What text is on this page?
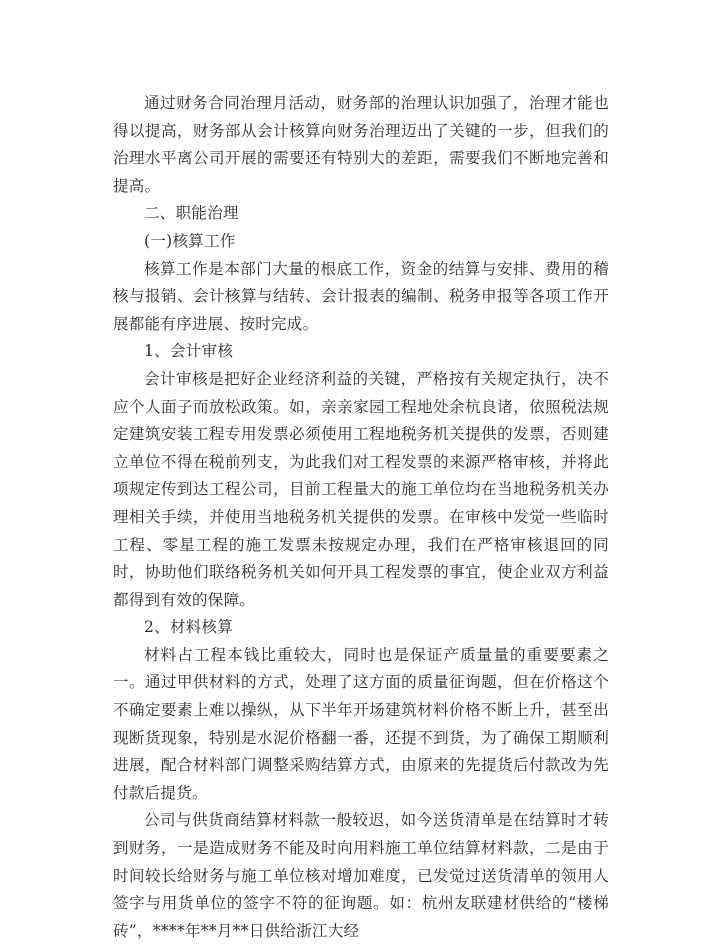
通过财务合同治理月活动，财务部的治理认识加强了，治理才能也得以提高，财务部从会计核算向财务治理迈出了关键的一步，但我们的治理水平离公司开展的需要还有特别大的差距，需要我们不断地完善和提高。

二、职能治理

(一)核算工作

核算工作是本部门大量的根底工作，资金的结算与安排、费用的稽核与报销、会计核算与结转、会计报表的编制、税务申报等各项工作开展都能有序进展、按时完成。

1、会计审核

会计审核是把好企业经济利益的关键，严格按有关规定执行，决不应个人面子而放松政策。如，亲亲家园工程地处余杭良诸，依照税法规定建筑安装工程专用发票必须使用工程地税务机关提供的发票，否则建立单位不得在税前列支，为此我们对工程发票的来源严格审核，并将此项规定传到达工程公司，目前工程量大的施工单位均在当地税务机关办理相关手续，并使用当地税务机关提供的发票。在审核中发觉一些临时工程、零星工程的施工发票未按规定办理，我们在严格审核退回的同时，协助他们联络税务机关如何开具工程发票的事宜，使企业双方利益都得到有效的保障。

2、材料核算

材料占工程本钱比重较大，同时也是保证产质量量的重要要素之一。通过甲供材料的方式，处理了这方面的质量征询题，但在价格这个不确定要素上难以操纵，从下半年开场建筑材料价格不断上升，甚至出现断货现象，特别是水泥价格翻一番，还提不到货，为了确保工期顺利进展，配合材料部门调整采购结算方式，由原来的先提货后付款改为先付款后提货。

公司与供货商结算材料款一般较迟，如今送货清单是在结算时才转到财务，一是造成财务不能及时向用料施工单位结算材料款，二是由于时间较长给财务与施工单位核对增加难度，已发觉过送货清单的领用人签字与用货单位的签字不符的征询题。如：杭州友联建材供给的“楼梯砖”，****年**月**日供给浙江大经
